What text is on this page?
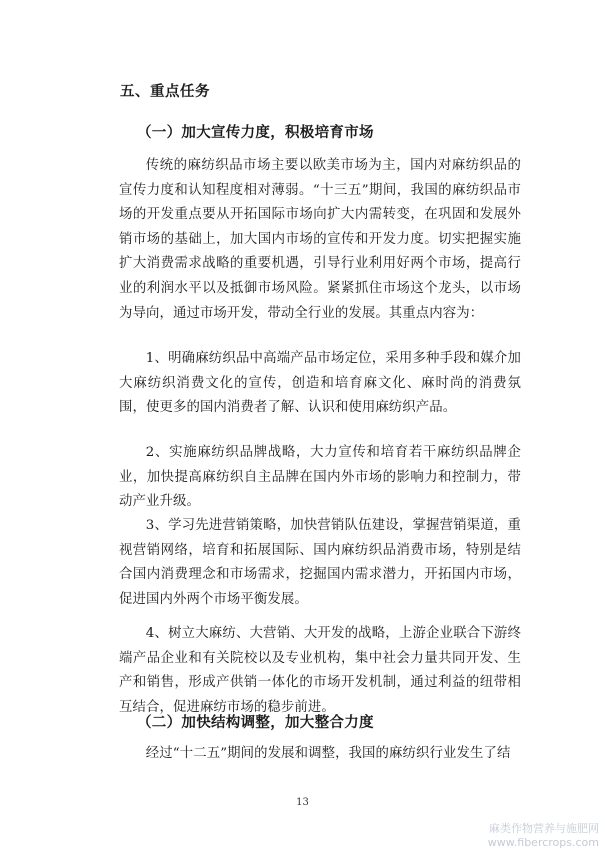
五、重点任务
（一）加大宣传力度，积极培育市场

传统的麻纺织品市场主要以欧美市场为主，国内对麻纺织品的宣传力度和认知程度相对薄弱。“十三五”期间，我国的麻纺织品市场的开发重点要从开拓国际市场向扩大内需转变，在巩固和发展外销市场的基础上，加大国内市场的宣传和开发力度。切实把握实施扩大消费需求战略的重要机遇，引导行业利用好两个市场，提高行业的利润水平以及抵御市场风险。紧紧抓住市场这个龙头，以市场为导向，通过市场开发，带动全行业的发展。其重点内容为：

1、明确麻纺织品中高端产品市场定位，采用多种手段和媒介加大麻纺织消费文化的宣传，创造和培育麻文化、麻时尚的消费氛围，使更多的国内消费者了解、认识和使用麻纺织产品。

2、实施麻纺织品牌战略，大力宣传和培育若干麻纺织品牌企业，加快提高麻纺织自主品牌在国内外市场的影响力和控制力，带动产业升级。

3、学习先进营销策略，加快营销队伍建设，掌握营销渠道，重视营销网络，培育和拓展国际、国内麻纺织品消费市场，特别是结合国内消费理念和市场需求，挖掘国内需求潜力，开拓国内市场，促进国内外两个市场平衡发展。

4、树立大麻纺、大营销、大开发的战略，上游企业联合下游终端产品企业和有关院校以及专业机构，集中社会力量共同开发、生产和销售，形成产供销一体化的市场开发机制，通过利益的纽带相互结合，促进麻纺市场的稳步前进。

（二）加快结构调整，加大整合力度

经过“十二五”期间的发展和调整，我国的麻纺织行业发生了结

13
麻类作物营养与施肥网
www.fibercrops.com
